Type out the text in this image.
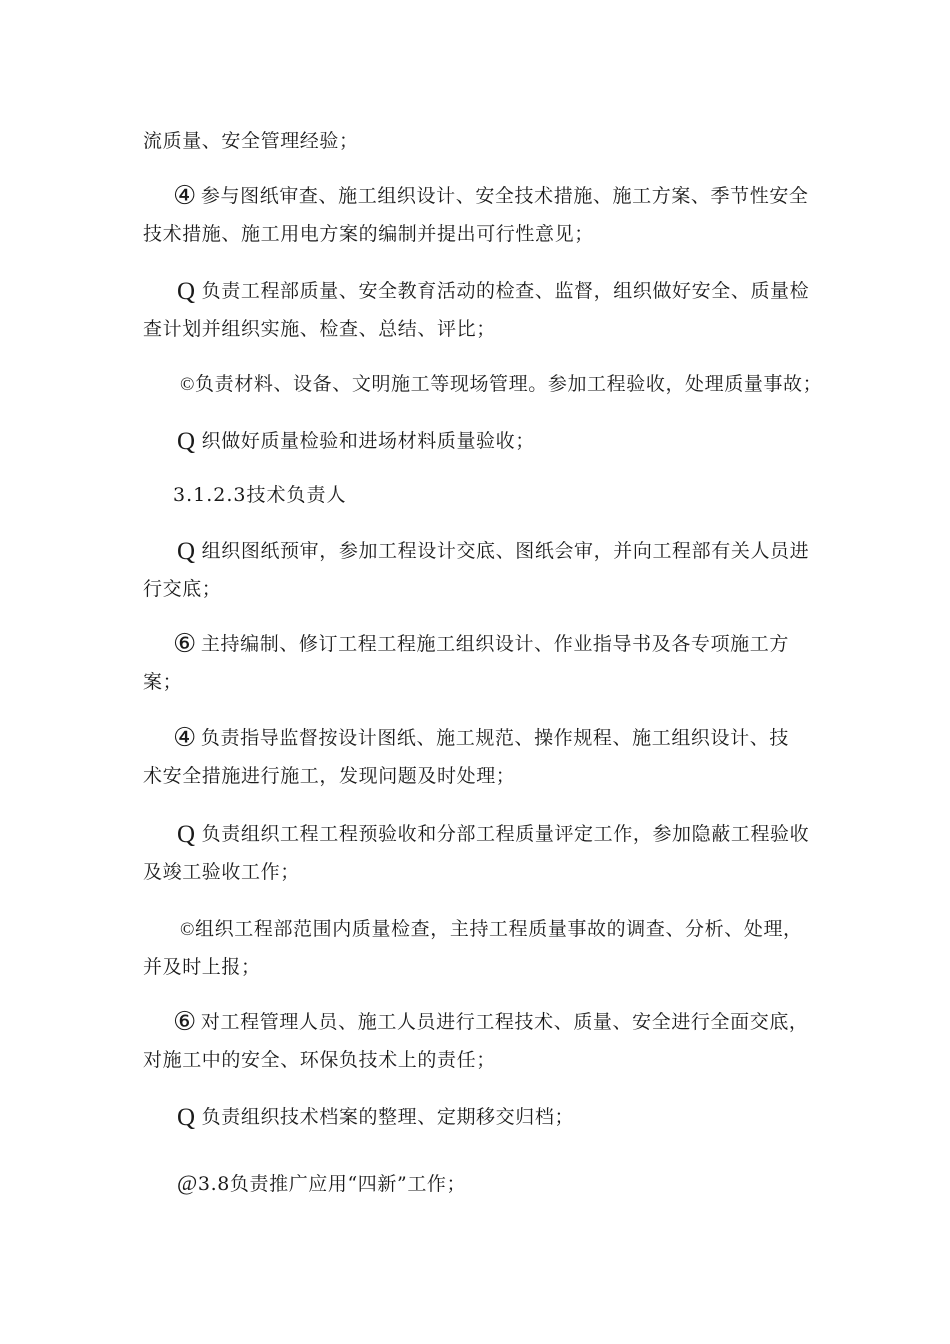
流质量、安全管理经验；
④ 参与图纸审查、施工组织设计、安全技术措施、施工方案、季节性安全
技术措施、施工用电方案的编制并提出可行性意见；
Q 负责工程部质量、安全教育活动的检查、监督，组织做好安全、质量检
查计划并组织实施、检查、总结、评比；
©负责材料、设备、文明施工等现场管理。参加工程验收，处理质量事故；
Q 织做好质量检验和进场材料质量验收；
3.1.2.3技术负责人
Q 组织图纸预审，参加工程设计交底、图纸会审，并向工程部有关人员进
行交底；
⑥ 主持编制、修订工程工程施工组织设计、作业指导书及各专项施工方
案；
④ 负责指导监督按设计图纸、施工规范、操作规程、施工组织设计、技
术安全措施进行施工，发现问题及时处理；
Q 负责组织工程工程预验收和分部工程质量评定工作，参加隐蔽工程验收
及竣工验收工作；
©组织工程部范围内质量检查，主持工程质量事故的调查、分析、处理，
并及时上报；
⑥ 对工程管理人员、施工人员进行工程技术、质量、安全进行全面交底，
对施工中的安全、环保负技术上的责任；
Q 负责组织技术档案的整理、定期移交归档；
@3.8负责推广应用“四新”工作；
